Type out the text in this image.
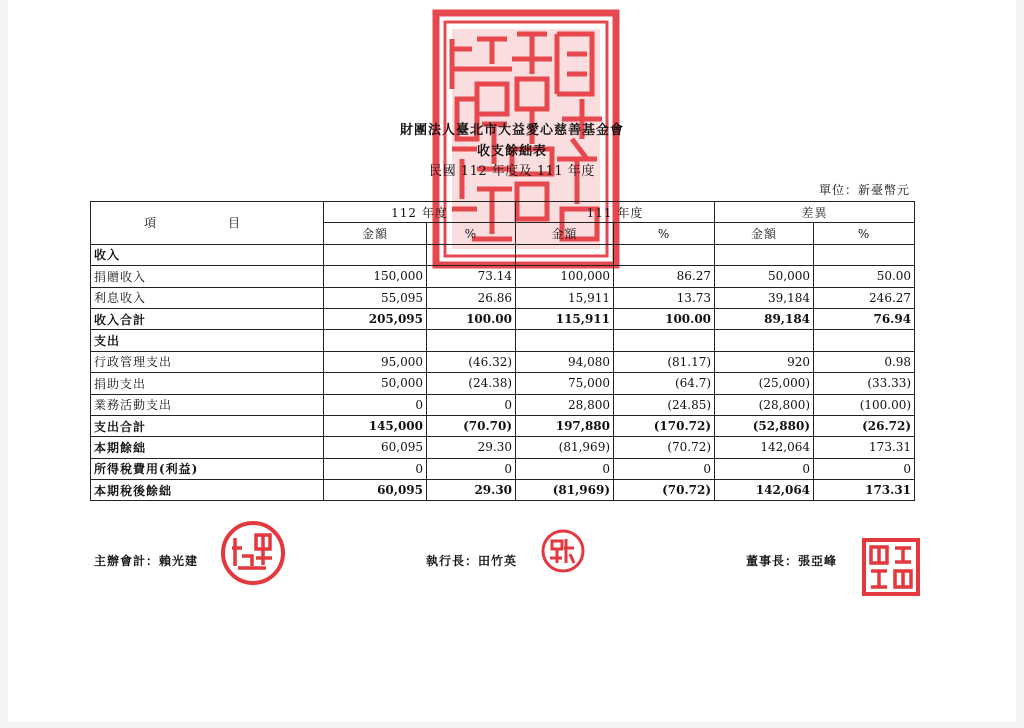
財團法人臺北市大益愛心慈善基金會
收支餘絀表
民國 112 年度及 111 年度
單位：新臺幣元
項　目	112 年度		111 年度		差異	
	金額	%	金額	%	金額	%
收入						
捐贈收入	150,000	73.14	100,000	86.27	50,000	50.00
利息收入	55,095	26.86	15,911	13.73	39,184	246.27
收入合計	205,095	100.00	115,911	100.00	89,184	76.94
支出						
行政管理支出	95,000	(46.32)	94,080	(81.17)	920	0.98
捐助支出	50,000	(24.38)	75,000	(64.7)	(25,000)	(33.33)
業務活動支出	0	0	28,800	(24.85)	(28,800)	(100.00)
支出合計	145,000	(70.70)	197,880	(170.72)	(52,880)	(26.72)
本期餘絀	60,095	29.30	(81,969)	(70.72)	142,064	173.31
所得稅費用(利益)	0	0	0	0	0	0
本期稅後餘絀	60,095	29.30	(81,969)	(70.72)	142,064	173.31
主辦會計：賴光建	執行長：田竹英	董事長：張亞峰
